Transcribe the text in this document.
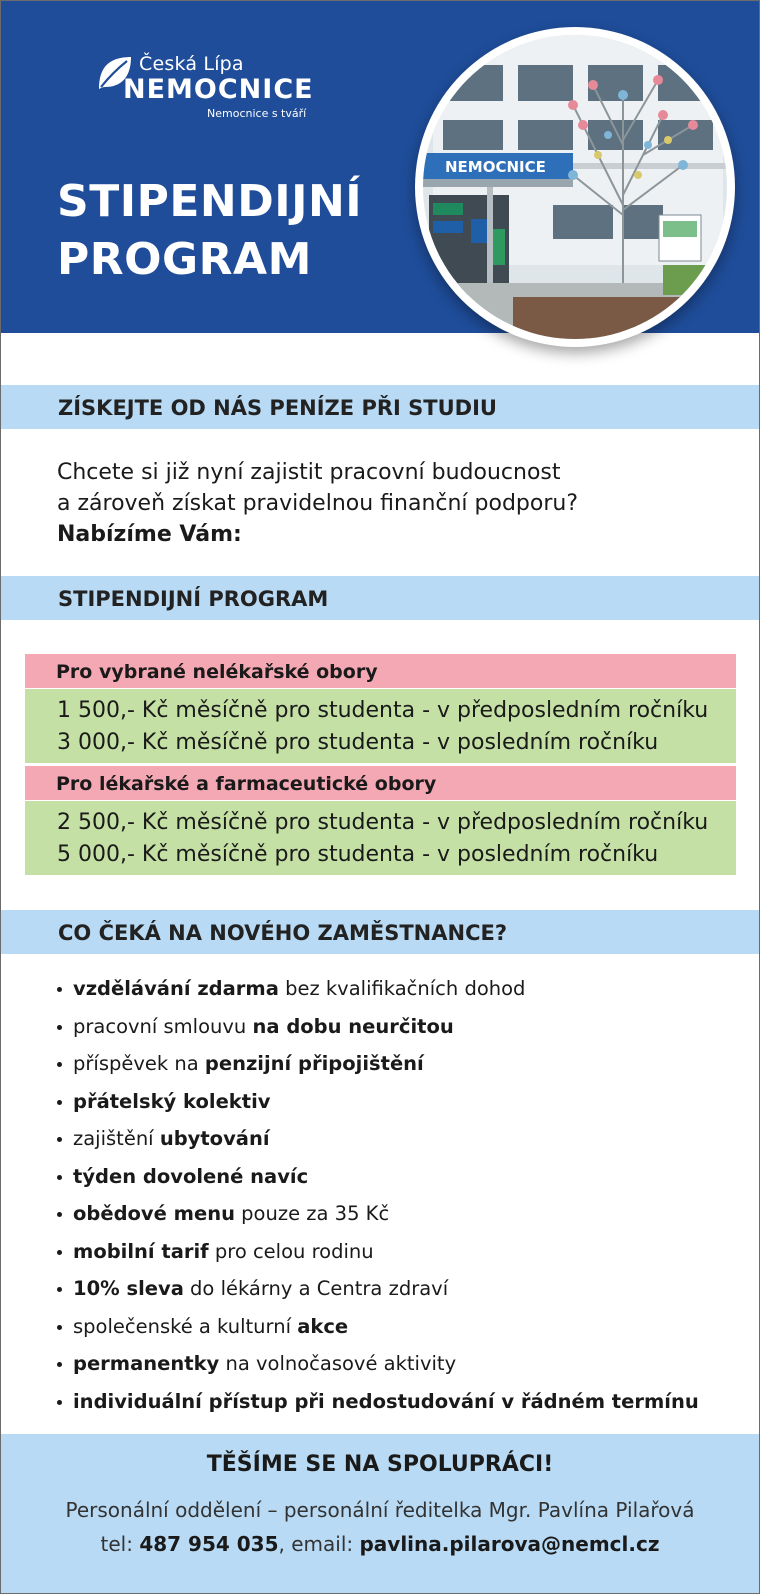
Česká Lípa
NEMOCNICE
Nemocnice s tváří
STIPENDIJNÍ
PROGRAM
NEMOCNICE
ZÍSKEJTE OD NÁS PENÍZE PŘI STUDIU
Chcete si již nyní zajistit pracovní budoucnost
a zároveň získat pravidelnou finanční podporu?
Nabízíme Vám:
STIPENDIJNÍ PROGRAM
Pro vybrané nelékařské obory
1 500,- Kč měsíčně pro studenta - v předposledním ročníku
3 000,- Kč měsíčně pro studenta - v posledním ročníku
Pro lékařské a farmaceutické obory
2 500,- Kč měsíčně pro studenta - v předposledním ročníku
5 000,- Kč měsíčně pro studenta - v posledním ročníku
CO ČEKÁ NA NOVÉHO ZAMĚSTNANCE?
vzdělávání zdarma bez kvalifikačních dohod
pracovní smlouvu na dobu neurčitou
příspěvek na penzijní připojištění
přátelský kolektiv
zajištění ubytování
týden dovolené navíc
obědové menu pouze za 35 Kč
mobilní tarif pro celou rodinu
10% sleva do lékárny a Centra zdraví
společenské a kulturní akce
permanentky na volnočasové aktivity
individuální přístup při nedostudování v řádném termínu
TĚŠÍME SE NA SPOLUPRÁCI!
Personální oddělení – personální ředitelka Mgr. Pavlína Pilařová
tel: 487 954 035, email: pavlina.pilarova@nemcl.cz
